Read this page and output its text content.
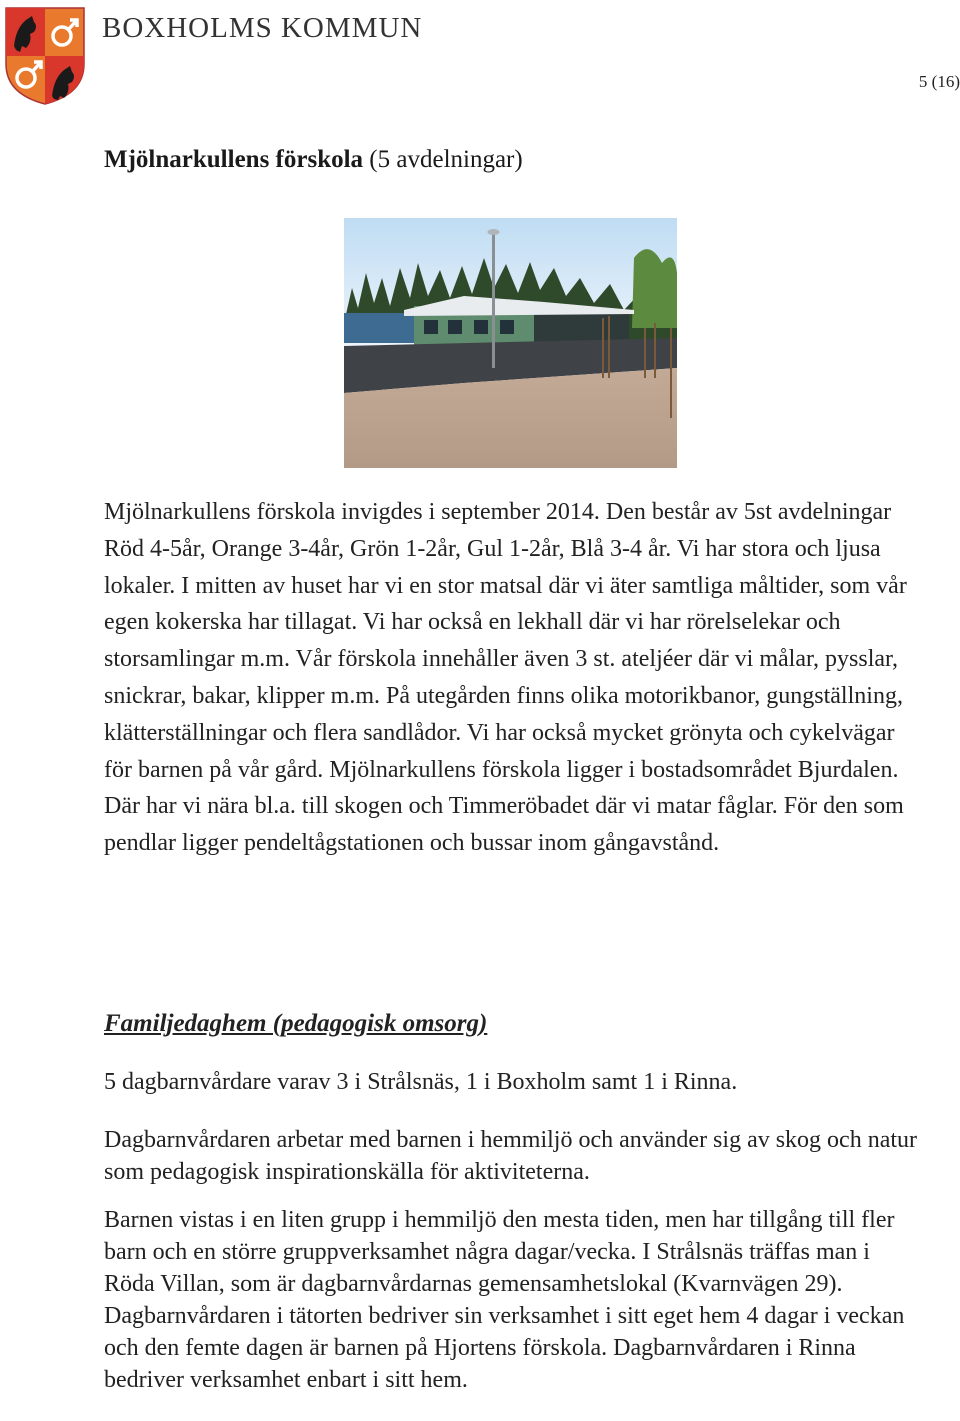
BOXHOLMS KOMMUN
5 (16)
Mjölnarkullens förskola (5 avdelningar)

Mjölnarkullens förskola invigdes i september 2014. Den består av 5st avdelningar Röd 4-5år, Orange 3-4år, Grön 1-2år, Gul 1-2år, Blå 3-4 år. Vi har stora och ljusa lokaler. I mitten av huset har vi en stor matsal där vi äter samtliga måltider, som vår egen kokerska har tillagat. Vi har också en lekhall där vi har rörelselekar och storsamlingar m.m. Vår förskola innehåller även 3 st. ateljéer där vi målar, pysslar, snickrar, bakar, klipper m.m. På utegården finns olika motorikbanor, gungställning, klätterställningar och flera sandlådor. Vi har också mycket grönyta och cykelvägar för barnen på vår gård. Mjölnarkullens förskola ligger i bostadsområdet Bjurdalen. Där har vi nära bl.a. till skogen och Timmeröbadet där vi matar fåglar. För den som pendlar ligger pendeltågstationen och bussar inom gångavstånd.

Familjedaghem (pedagogisk omsorg)

5 dagbarnvårdare varav 3 i Strålsnäs, 1 i Boxholm samt 1 i Rinna.

Dagbarnvårdaren arbetar med barnen i hemmiljö och använder sig av skog och natur som pedagogisk inspirationskälla för aktiviteterna.

Barnen vistas i en liten grupp i hemmiljö den mesta tiden, men har tillgång till fler barn och en större gruppverksamhet några dagar/vecka. I Strålsnäs träffas man i Röda Villan, som är dagbarnvårdarnas gemensamhetslokal (Kvarnvägen 29). Dagbarnvårdaren i tätorten bedriver sin verksamhet i sitt eget hem 4 dagar i veckan och den femte dagen är barnen på Hjortens förskola. Dagbarnvårdaren i Rinna bedriver verksamhet enbart i sitt hem.
